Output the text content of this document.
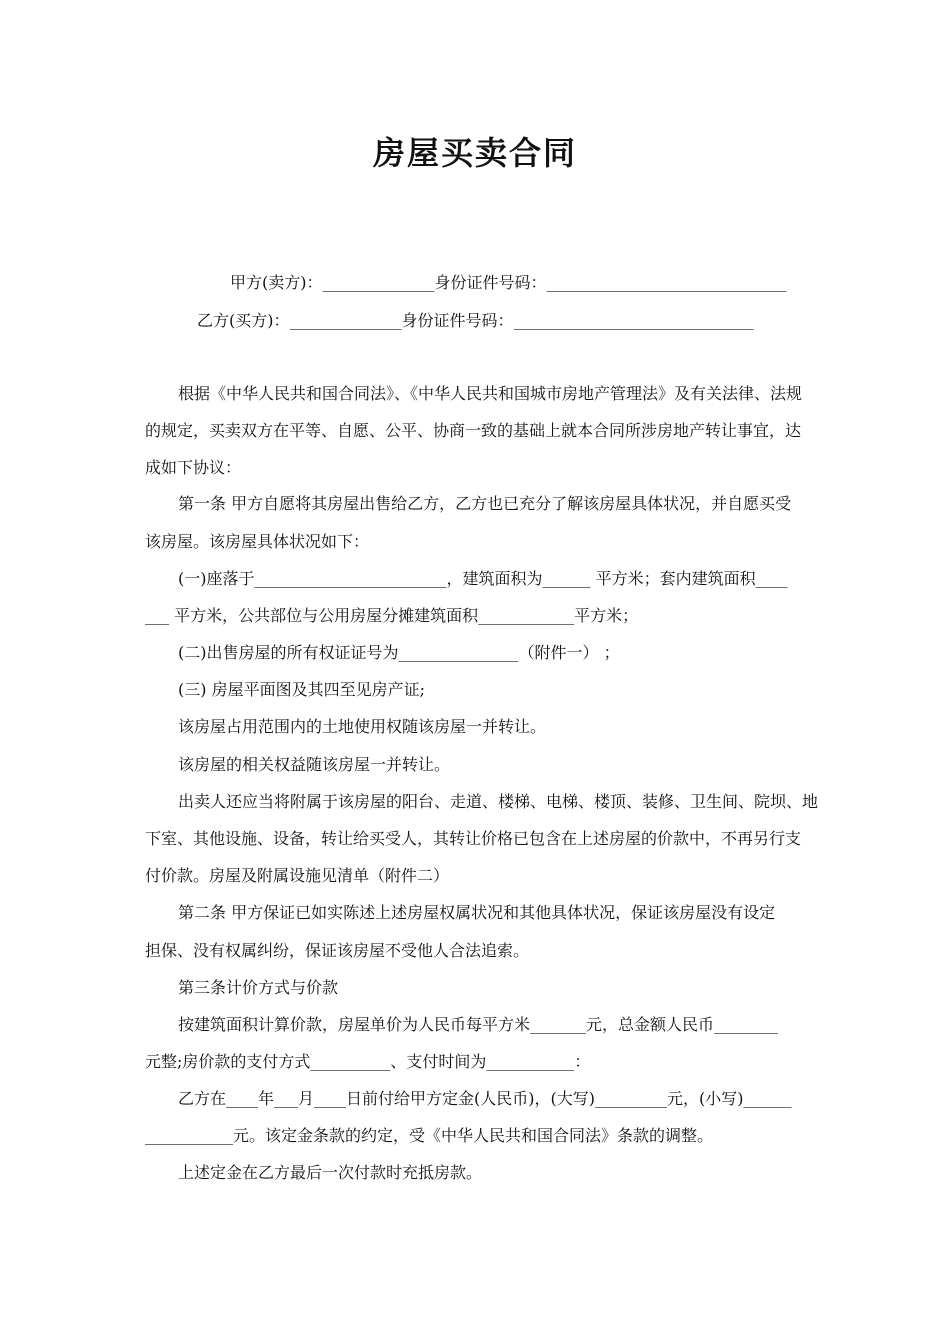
房屋买卖合同
甲方(卖方)：______________身份证件号码：______________________________
乙方(买方)：______________身份证件号码：______________________________
根据《中华人民共和国合同法》、《中华人民共和国城市房地产管理法》及有关法律、法规
的规定，买卖双方在平等、自愿、公平、协商一致的基础上就本合同所涉房地产转让事宜，达
成如下协议：
第一条 甲方自愿将其房屋出售给乙方，乙方也已充分了解该房屋具体状况，并自愿买受
该房屋。该房屋具体状况如下：
(一)座落于________________________，建筑面积为______ 平方米；套内建筑面积____
___ 平方米，公共部位与公用房屋分摊建筑面积____________平方米；
(二)出售房屋的所有权证证号为_______________（附件一） ；
(三) 房屋平面图及其四至见房产证;
该房屋占用范围内的土地使用权随该房屋一并转让。
该房屋的相关权益随该房屋一并转让。
出卖人还应当将附属于该房屋的阳台、走道、楼梯、电梯、楼顶、装修、卫生间、院坝、地
下室、其他设施、设备，转让给买受人，其转让价格已包含在上述房屋的价款中，不再另行支
付价款。房屋及附属设施见清单（附件二）
第二条 甲方保证已如实陈述上述房屋权属状况和其他具体状况，保证该房屋没有设定
担保、没有权属纠纷，保证该房屋不受他人合法追索。
第三条计价方式与价款
按建筑面积计算价款，房屋单价为人民币每平方米_______元，总金额人民币________
元整;房价款的支付方式__________、支付时间为___________：
乙方在____年___月____日前付给甲方定金(人民币)，(大写)_________元，(小写)______
___________元。该定金条款的约定，受《中华人民共和国合同法》条款的调整。
上述定金在乙方最后一次付款时充抵房款。
